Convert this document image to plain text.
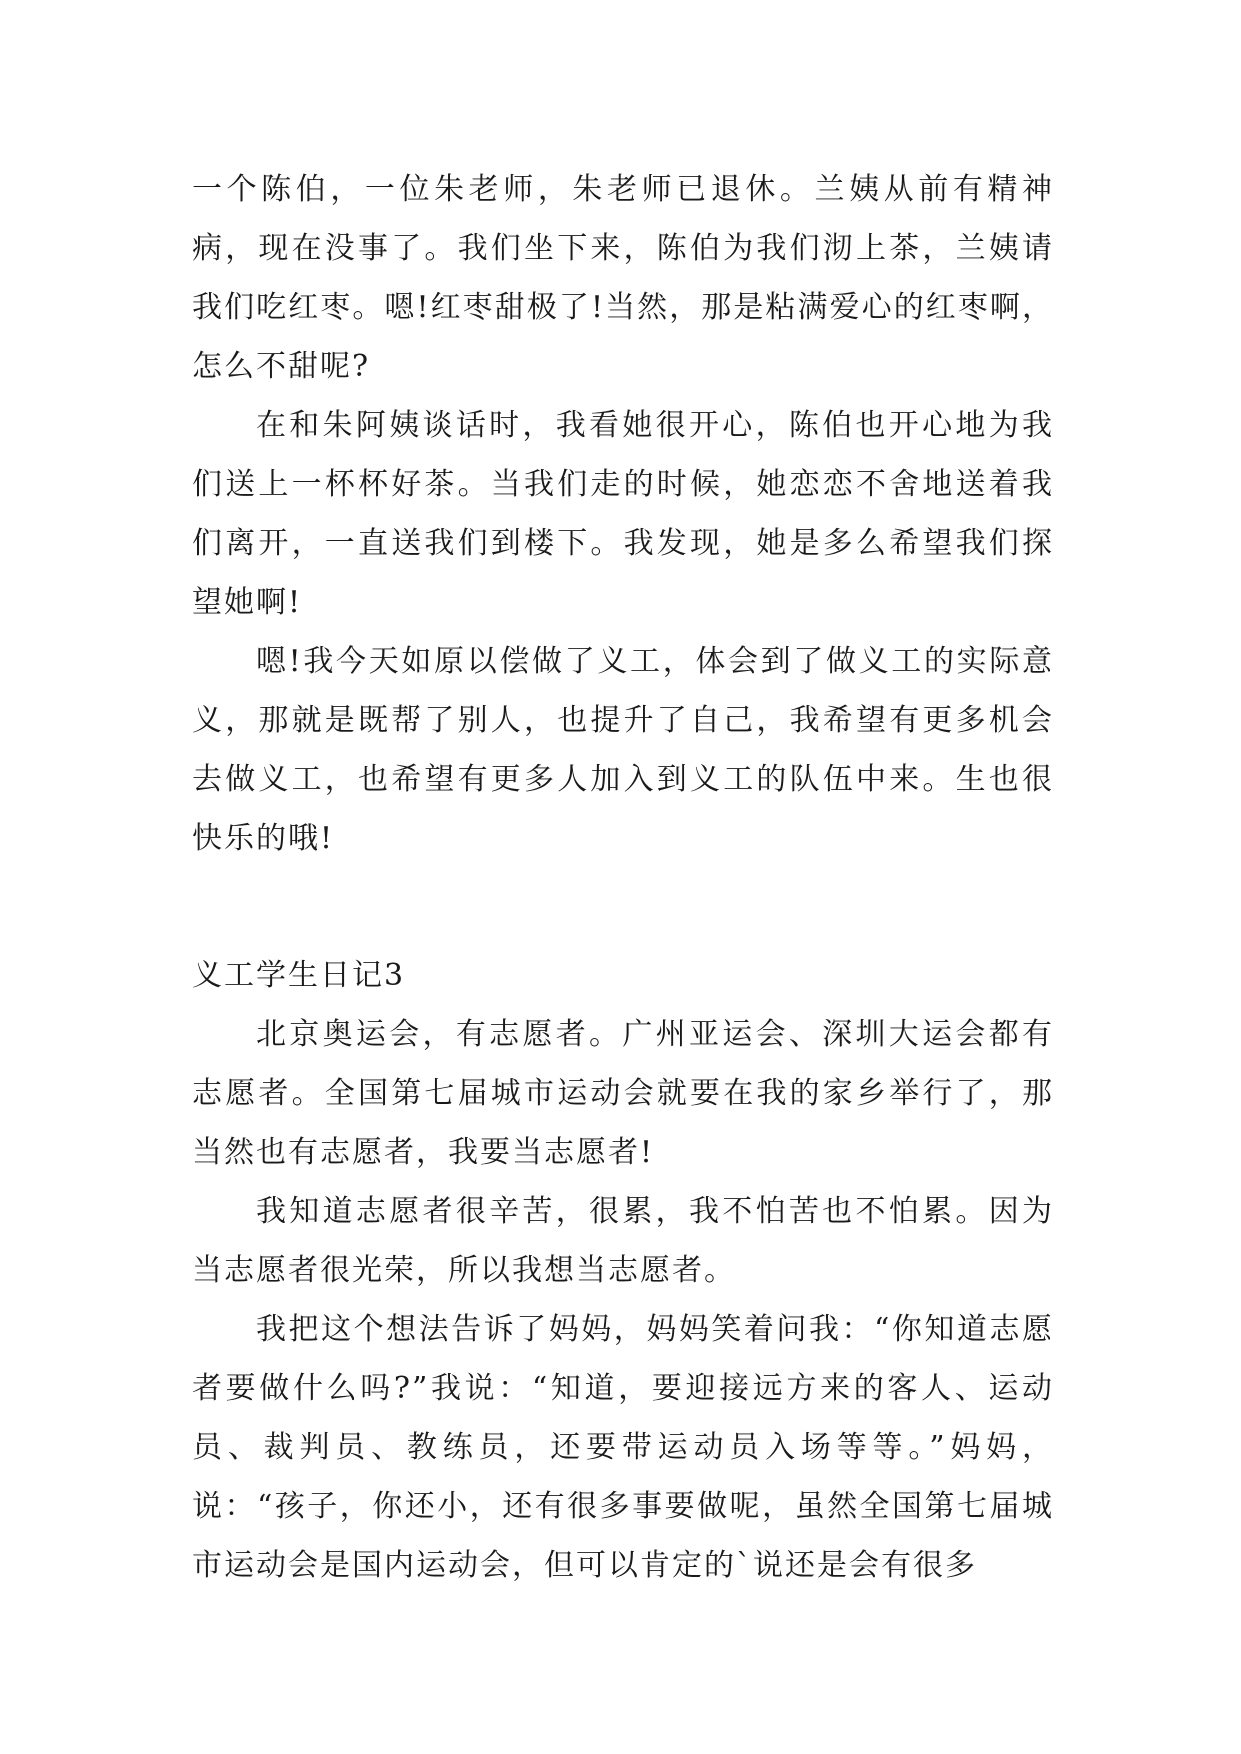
一个陈伯，一位朱老师，朱老师已退休。兰姨从前有精神病，现在没事了。我们坐下来，陈伯为我们沏上茶，兰姨请我们吃红枣。嗯!红枣甜极了!当然，那是粘满爱心的红枣啊，怎么不甜呢?

在和朱阿姨谈话时，我看她很开心，陈伯也开心地为我们送上一杯杯好茶。当我们走的时候，她恋恋不舍地送着我们离开，一直送我们到楼下。我发现，她是多么希望我们探望她啊!

嗯!我今天如原以偿做了义工，体会到了做义工的实际意义，那就是既帮了别人，也提升了自己，我希望有更多机会去做义工，也希望有更多人加入到义工的队伍中来。生也很快乐的哦!

义工学生日记3

北京奥运会，有志愿者。广州亚运会、深圳大运会都有志愿者。全国第七届城市运动会就要在我的家乡举行了，那当然也有志愿者，我要当志愿者!

我知道志愿者很辛苦，很累，我不怕苦也不怕累。因为当志愿者很光荣，所以我想当志愿者。

我把这个想法告诉了妈妈，妈妈笑着问我：“你知道志愿者要做什么吗?”我说：“知道，要迎接远方来的客人、运动员、裁判员、教练员，还要带运动员入场等等。”妈妈，说：“孩子，你还小，还有很多事要做呢，虽然全国第七届城市运动会是国内运动会，但可以肯定的`说还是会有很多
